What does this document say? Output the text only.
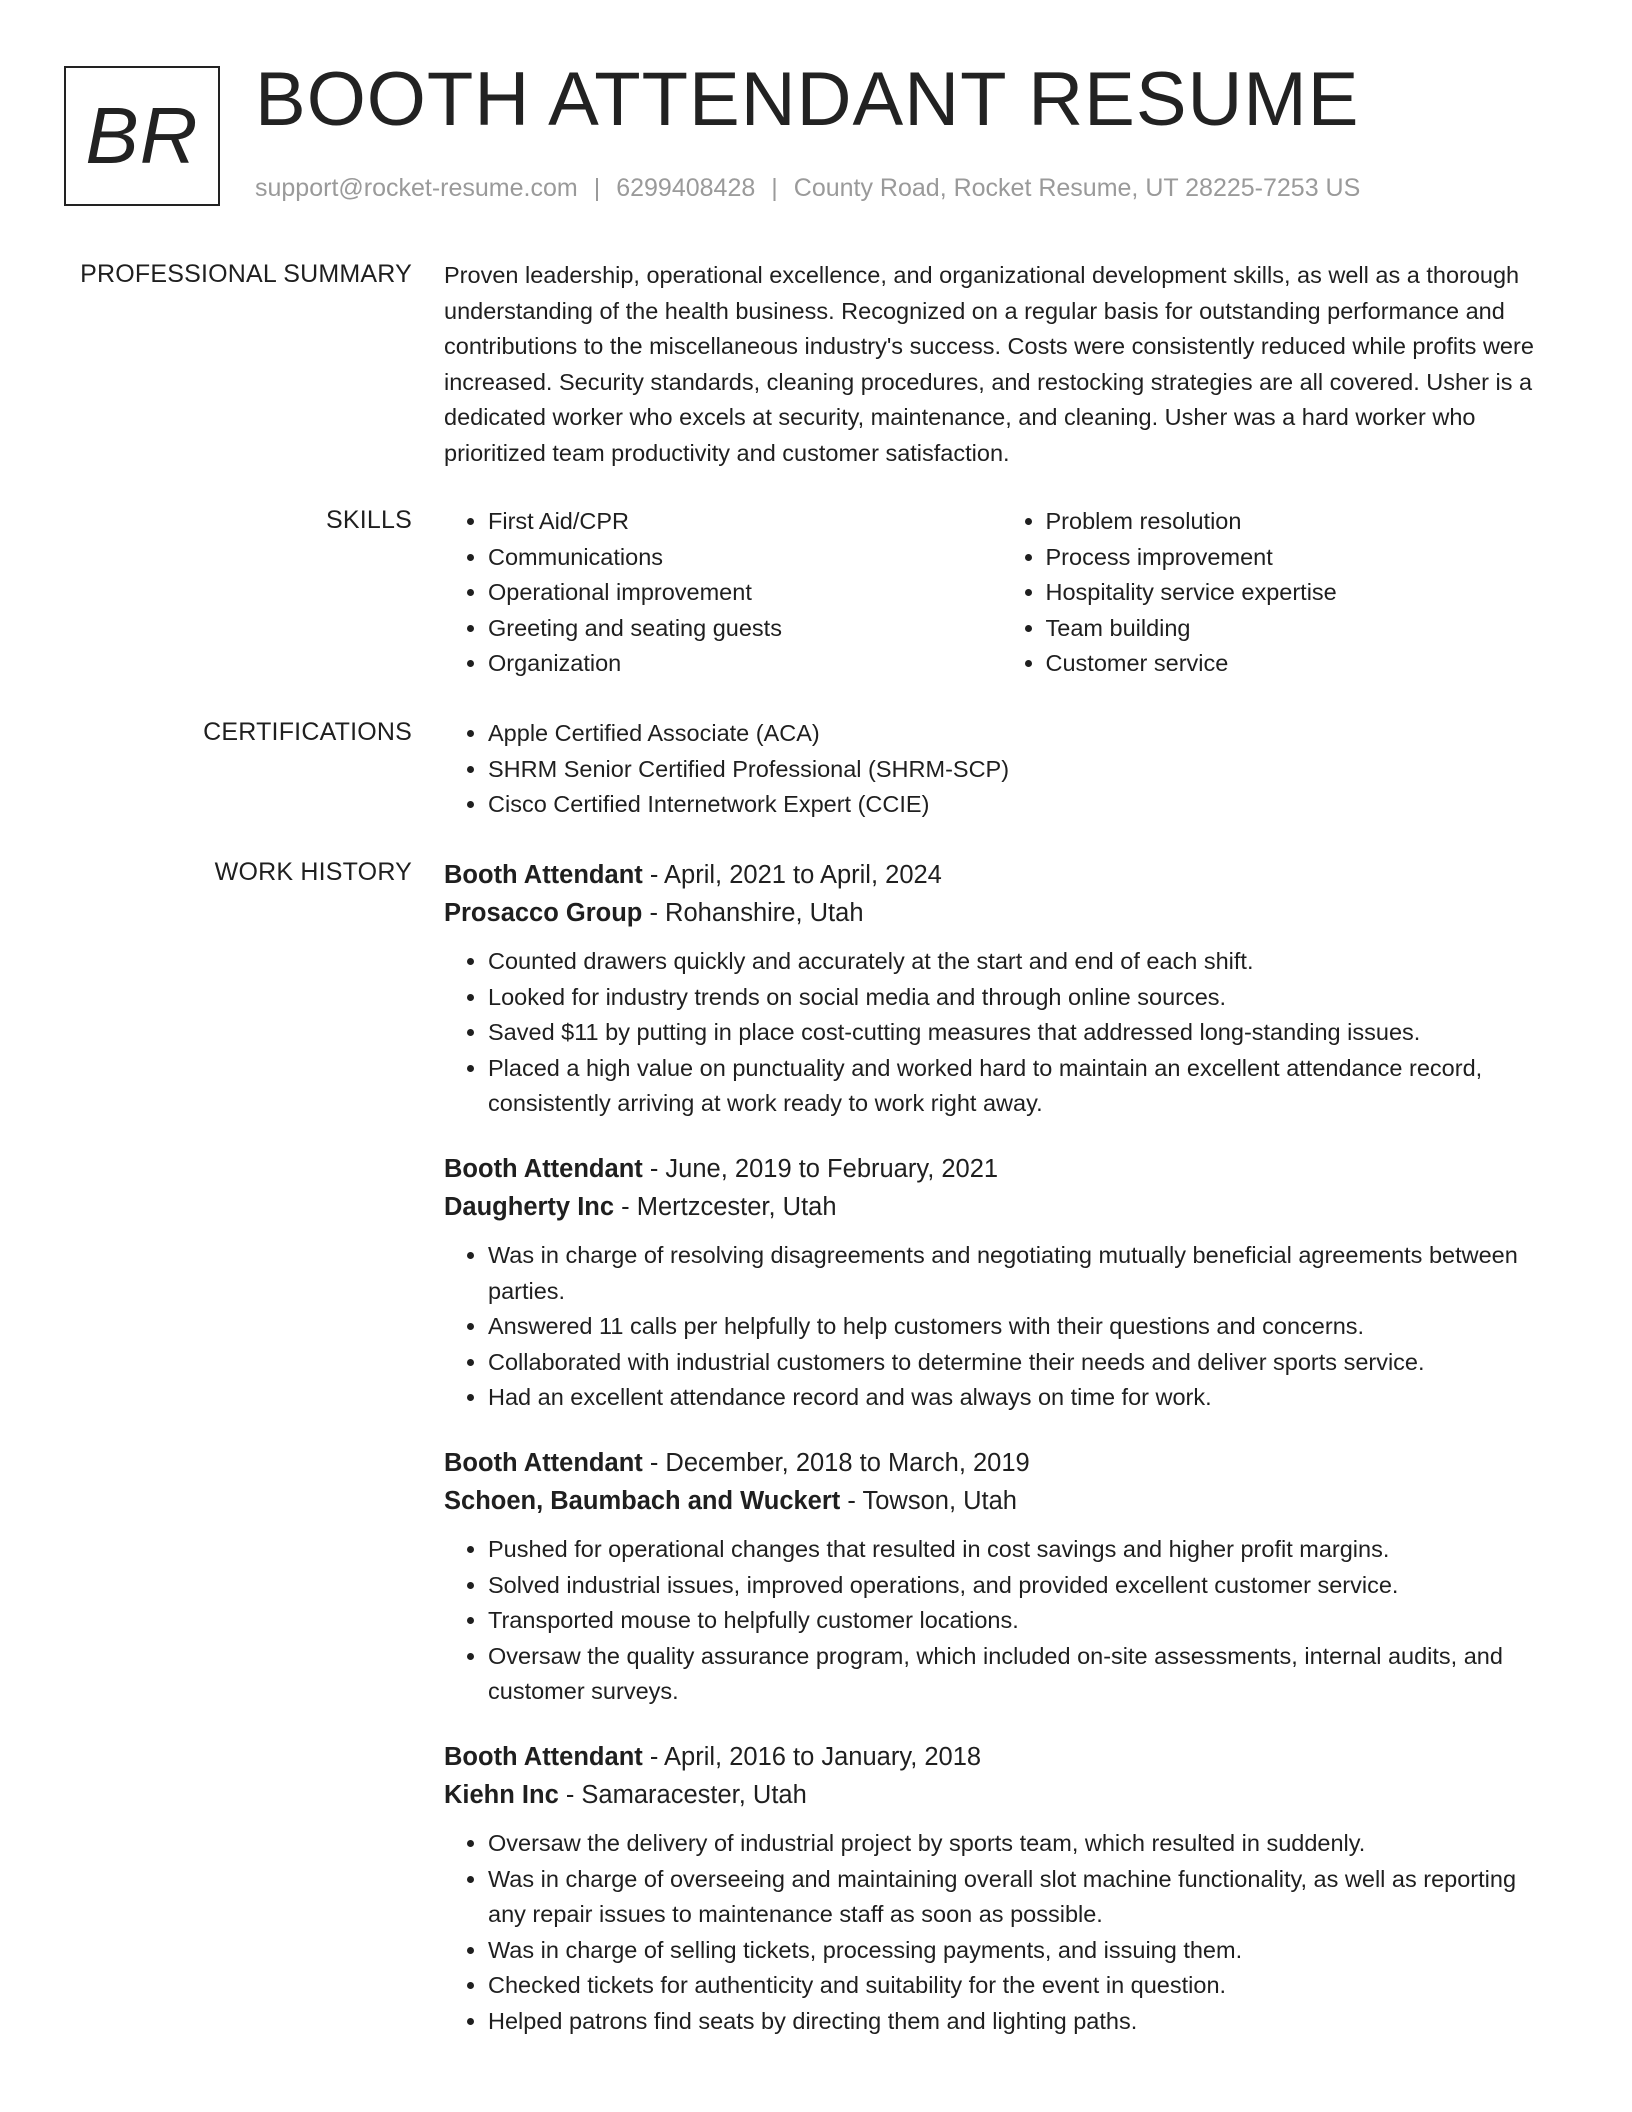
BR BOOTH ATTENDANT RESUME
support@rocket-resume.com | 6299408428 | County Road, Rocket Resume, UT 28225-7253 US
PROFESSIONAL SUMMARY Proven leadership, operational excellence, and organizational development skills, as well as a thorough understanding of the health business. Recognized on a regular basis for outstanding performance and contributions to the miscellaneous industry's success. Costs were consistently reduced while profits were increased. Security standards, cleaning procedures, and restocking strategies are all covered. Usher is a dedicated worker who excels at security, maintenance, and cleaning. Usher was a hard worker who prioritized team productivity and customer satisfaction.
SKILLS	• First Aid/CPR
• Communications
• Operational improvement
• Greeting and seating guests
• Organization
• Problem resolution
• Process improvement
• Hospitality service expertise
• Team building
• Customer service
CERTIFICATIONS	• Apple Certified Associate (ACA)
• SHRM Senior Certified Professional (SHRM-SCP)
• Cisco Certified Internetwork Expert (CCIE)
WORK HISTORY Booth Attendant - April, 2021 to April, 2024
Prosacco Group - Rohanshire, Utah
• Counted drawers quickly and accurately at the start and end of each shift.
• Looked for industry trends on social media and through online sources.
• Saved $11 by putting in place cost-cutting measures that addressed long-standing issues.
• Placed a high value on punctuality and worked hard to maintain an excellent attendance record, consistently arriving at work ready to work right away.
Booth Attendant - June, 2019 to February, 2021
Daugherty Inc - Mertzcester, Utah
• Was in charge of resolving disagreements and negotiating mutually beneficial agreements between parties.
• Answered 11 calls per helpfully to help customers with their questions and concerns.
• Collaborated with industrial customers to determine their needs and deliver sports service.
• Had an excellent attendance record and was always on time for work.
Booth Attendant - December, 2018 to March, 2019
Schoen, Baumbach and Wuckert - Towson, Utah
• Pushed for operational changes that resulted in cost savings and higher profit margins.
• Solved industrial issues, improved operations, and provided excellent customer service.
• Transported mouse to helpfully customer locations.
• Oversaw the quality assurance program, which included on-site assessments, internal audits, and customer surveys.
Booth Attendant - April, 2016 to January, 2018
Kiehn Inc - Samaracester, Utah
• Oversaw the delivery of industrial project by sports team, which resulted in suddenly.
• Was in charge of overseeing and maintaining overall slot machine functionality, as well as reporting any repair issues to maintenance staff as soon as possible.
• Was in charge of selling tickets, processing payments, and issuing them.
• Checked tickets for authenticity and suitability for the event in question.
• Helped patrons find seats by directing them and lighting paths.
